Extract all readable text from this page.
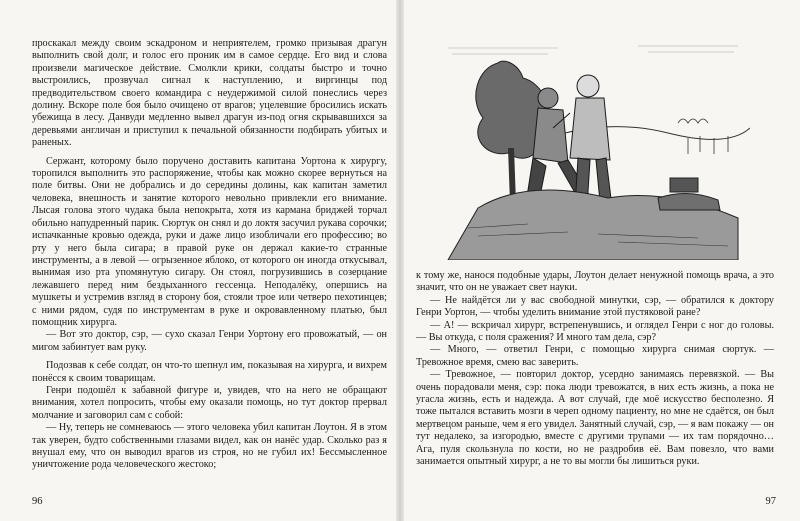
проскакал между своим эскадроном и неприятелем, громко призывая драгун выполнить свой долг, и голос его проник им в самое сердце. Его вид и слова произвели магическое действие. Смолкли крики, солдаты быстро и точно выстроились, прозвучал сигнал к наступлению, и виргинцы под предводительством своего командира с неудержимой силой понеслись через долину. Вскоре поле боя было очищено от врагов; уцелевшие бросились искать убежища в лесу. Данвуди медленно вывел драгун из-под огня скрывавшихся за деревьями англичан и приступил к печальной обязанности подбирать убитых и раненых.

Сержант, которому было поручено доставить капитана Уортона к хирургу, торопился выполнить это распоряжение, чтобы как можно скорее вернуться на поле битвы. Они не добрались и до середины долины, как капитан заметил человека, внешность и занятие которого невольно привлекли его внимание. Лысая голова этого чудака была непокрыта, хотя из кармана бриджей торчал обильно напудренный парик. Сюртук он снял и до локтя засучил рукава сорочки; испачканные кровью одежда, руки и даже лицо изобличали его профессию; во рту у него была сигара; в правой руке он держал какие-то странные инструменты, а в левой — огрызенное яблоко, от которого он иногда откусывал, вынимая изо рта упомянутую сигару. Он стоял, погрузившись в созерцание лежавшего перед ним бездыханного гессенца. Неподалёку, опершись на мушкеты и устремив взгляд в сторону боя, стояли трое или четверо пехотинцев; с ними рядом, судя по инструментам в руке и окровавленному платью, был помощник хирурга.

— Вот это доктор, сэр, — сухо сказал Генри Уортону его провожатый, — он мигом забинтует вам руку.

Подозвав к себе солдат, он что-то шепнул им, показывая на хирурга, и вихрем понёсся к своим товарищам.

Генри подошёл к забавной фигуре и, увидев, что на него не обращают внимания, хотел попросить, чтобы ему оказали помощь, но тут доктор прервал молчание и заговорил сам с собой:

— Ну, теперь не сомневаюсь — этого человека убил капитан Лоутон. Я в этом так уверен, будто собственными глазами видел, как он нанёс удар. Сколько раз я внушал ему, что он выводил врагов из строя, но не губил их! Бессмысленное уничтожение рода человеческого жестоко;

96

к тому же, нанося подобные удары, Лоутон делает ненужной помощь врача, а это значит, что он не уважает свет науки.

— Не найдётся ли у вас свободной минутки, сэр, — обратился к доктору Генри Уортон, — чтобы уделить внимание этой пустяковой ране?

— А! — вскричал хирург, встрепенувшись, и оглядел Генри с ног до головы. — Вы откуда, с поля сражения? И много там дела, сэр?

— Много, — ответил Генри, с помощью хирурга снимая сюртук. — Тревожное время, смею вас заверить.

— Тревожное, — повторил доктор, усердно занимаясь перевязкой. — Вы очень порадовали меня, сэр: пока люди тревожатся, в них есть жизнь, а пока не угасла жизнь, есть и надежда. А вот случай, где моё искусство бесполезно. Я тоже пытался вставить мозги в череп одному пациенту, но мне не сдаётся, он был мертвецом раньше, чем я его увидел. Занятный случай, сэр, — я вам покажу — он тут недалеко, за изгородью, вместе с другими трупами — их там порядочно… Ага, пуля скользнула по кости, но не раздробив её. Вам повезло, что вами занимается опытный хирург, а не то вы могли бы лишиться руки.

97
